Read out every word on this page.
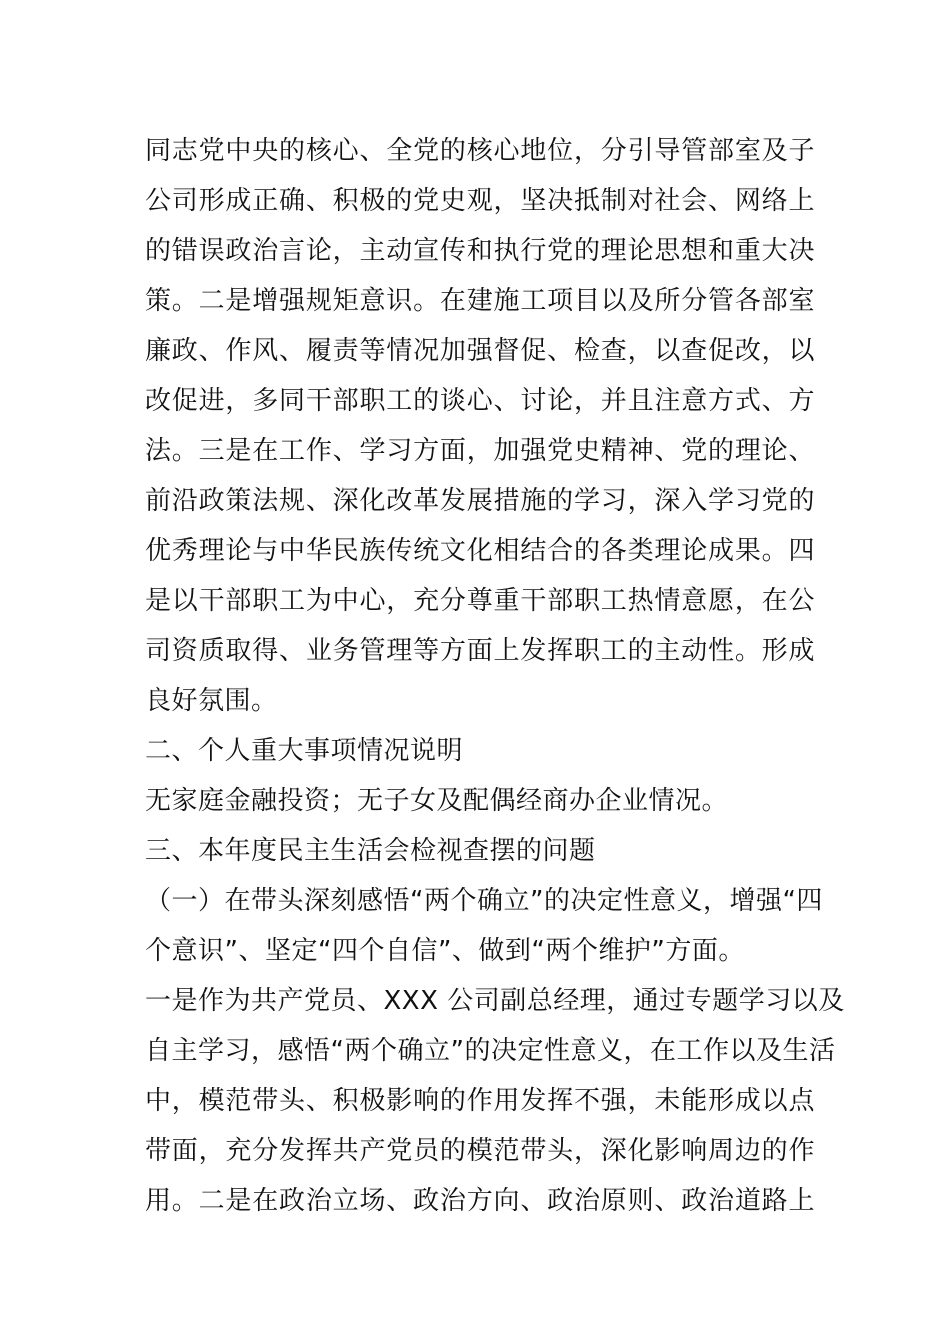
同志党中央的核心、全党的核心地位，分引导管部室及子
公司形成正确、积极的党史观，坚决抵制对社会、网络上
的错误政治言论，主动宣传和执行党的理论思想和重大决
策。二是增强规矩意识。在建施工项目以及所分管各部室
廉政、作风、履责等情况加强督促、检查，以查促改，以
改促进，多同干部职工的谈心、讨论，并且注意方式、方
法。三是在工作、学习方面，加强党史精神、党的理论、
前沿政策法规、深化改革发展措施的学习，深入学习党的
优秀理论与中华民族传统文化相结合的各类理论成果。四
是以干部职工为中心，充分尊重干部职工热情意愿，在公
司资质取得、业务管理等方面上发挥职工的主动性。形成
良好氛围。
二、个人重大事项情况说明
无家庭金融投资；无子女及配偶经商办企业情况。
三、本年度民主生活会检视查摆的问题
（一）在带头深刻感悟“两个确立”的决定性意义，增强“四
个意识”、坚定“四个自信”、做到“两个维护”方面。
一是作为共产党员、XXX 公司副总经理，通过专题学习以及
自主学习，感悟“两个确立”的决定性意义，在工作以及生活
中，模范带头、积极影响的作用发挥不强，未能形成以点
带面，充分发挥共产党员的模范带头，深化影响周边的作
用。二是在政治立场、政治方向、政治原则、政治道路上
